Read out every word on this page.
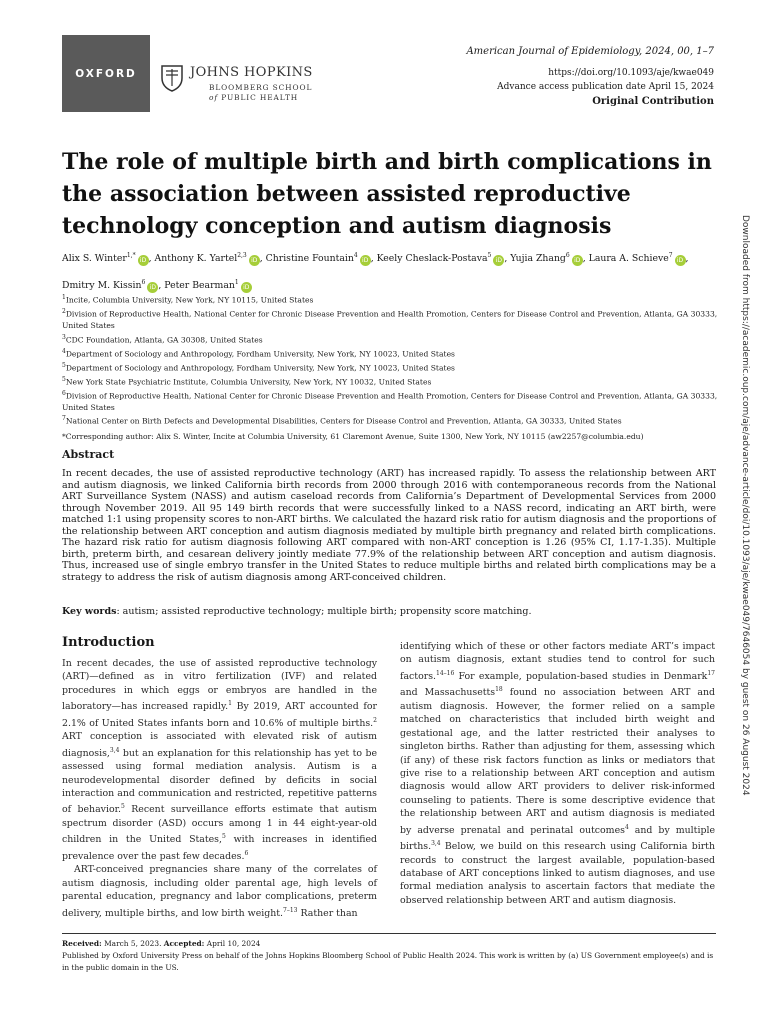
OXFORD	JOHNS HOPKINS
BLOOMBERG SCHOOL
of PUBLIC HEALTH
American Journal of Epidemiology, 2024, 00, 1–7
https://doi.org/10.1093/aje/kwae049
Advance access publication date April 15, 2024
Original Contribution
The role of multiple birth and birth complications in the association between assisted reproductive technology conception and autism diagnosis
Alix S. Winter$^{1,*}$iD , Anthony K. Yartel$^{2,3}$iD , Christine Fountain$^4$iD , Keely Cheslack-Postava$^5$iD , Yujia Zhang$^6$iD , Laura A. Schieve$^7$iD , Dmitry M. Kissin$^6$iD , Peter Bearman$^1$iD

$^1$Incite, Columbia University, New York, NY 10115, United States

$^2$Division of Reproductive Health, National Center for Chronic Disease Prevention and Health Promotion, Centers for Disease Control and Prevention, Atlanta, GA 30333, United States

$^3$CDC Foundation, Atlanta, GA 30308, United States

$^4$Department of Sociology and Anthropology, Fordham University, New York, NY 10023, United States

$^5$Department of Sociology and Anthropology, Fordham University, New York, NY 10023, United States

$^5$New York State Psychiatric Institute, Columbia University, New York, NY 10032, United States

$^6$Division of Reproductive Health, National Center for Chronic Disease Prevention and Health Promotion, Centers for Disease Control and Prevention, Atlanta, GA 30333, United States

$^7$National Center on Birth Defects and Developmental Disabilities, Centers for Disease Control and Prevention, Atlanta, GA 30333, United States

*Corresponding author: Alix S. Winter, Incite at Columbia University, 61 Claremont Avenue, Suite 1300, New York, NY 10115 (aw2257@columbia.edu)

Abstract

In recent decades, the use of assisted reproductive technology (ART) has increased rapidly. To assess the relationship between ART and autism diagnosis, we linked California birth records from 2000 through 2016 with contemporaneous records from the National ART Surveillance System (NASS) and autism caseload records from California’s Department of Developmental Services from 2000 through November 2019. All 95 149 birth records that were successfully linked to a NASS record, indicating an ART birth, were matched 1:1 using propensity scores to non-ART births. We calculated the hazard risk ratio for autism diagnosis and the proportions of the relationship between ART conception and autism diagnosis mediated by multiple birth pregnancy and related birth complications. The hazard risk ratio for autism diagnosis following ART compared with non-ART conception is 1.26 (95% CI, 1.17-1.35). Multiple birth, preterm birth, and cesarean delivery jointly mediate 77.9% of the relationship between ART conception and autism diagnosis. Thus, increased use of single embryo transfer in the United States to reduce multiple births and related birth complications may be a strategy to address the risk of autism diagnosis among ART-conceived children.

Key words: autism; assisted reproductive technology; multiple birth; propensity score matching.
Introduction

In recent decades, the use of assisted reproductive technology (ART)—defined as in vitro fertilization (IVF) and related procedures in which eggs or embryos are handled in the laboratory—has increased rapidly.$^1$ By 2019, ART accounted for 2.1% of United States infants born and 10.6% of multiple births.$^2$ ART conception is associated with elevated risk of autism diagnosis,$^{3,4}$ but an explanation for this relationship has yet to be assessed using formal mediation analysis. Autism is a neurodevelopmental disorder defined by deficits in social interaction and communication and restricted, repetitive patterns of behavior.$^5$ Recent surveillance efforts estimate that autism spectrum disorder (ASD) occurs among 1 in 44 eight-year-old children in the United States,$^5$ with increases in identified prevalence over the past few decades.$^6$

ART-conceived pregnancies share many of the correlates of autism diagnosis, including older parental age, high levels of parental education, pregnancy and labor complications, preterm delivery, multiple births, and low birth weight.$^{7-13}$ Rather than

identifying which of these or other factors mediate ART’s impact on autism diagnosis, extant studies tend to control for such factors.$^{14-16}$ For example, population-based studies in Denmark$^{17}$ and Massachusetts$^{18}$ found no association between ART and autism diagnosis. However, the former relied on a sample matched on characteristics that included birth weight and gestational age, and the latter restricted their analyses to singleton births. Rather than adjusting for them, assessing which (if any) of these risk factors function as links or mediators that give rise to a relationship between ART conception and autism diagnosis would allow ART providers to deliver risk-informed counseling to patients. There is some descriptive evidence that the relationship between ART and autism diagnosis is mediated by adverse prenatal and perinatal outcomes$^4$ and by multiple births.$^{3,4}$ Below, we build on this research using California birth records to construct the largest available, population-based database of ART conceptions linked to autism diagnoses, and use formal mediation analysis to ascertain factors that mediate the observed relationship between ART and autism diagnosis.

Received: March 5, 2023. Accepted: April 10, 2024

Published by Oxford University Press on behalf of the Johns Hopkins Bloomberg School of Public Health 2024. This work is written by (a) US Government employee(s) and is in the public domain in the US.

Downloaded from https://academic.oup.com/aje/advance-article/doi/10.1093/aje/kwae049/7646054 by guest on 26 August 2024
